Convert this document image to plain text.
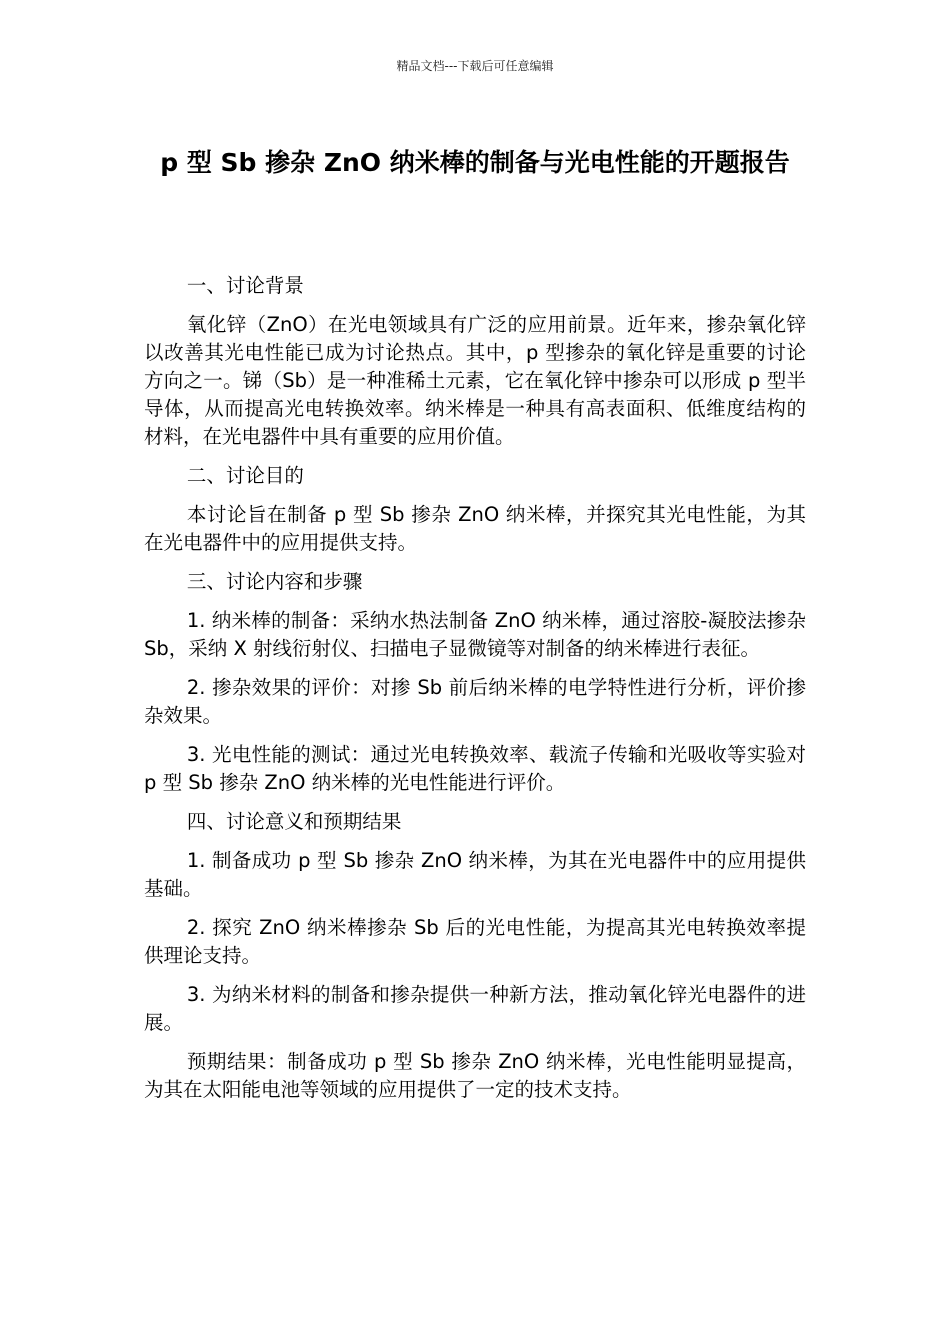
精品文档---下载后可任意编辑
p 型 Sb 掺杂 ZnO 纳米棒的制备与光电性能的开题报告

一、讨论背景

氧化锌（ZnO）在光电领域具有广泛的应用前景。近年来，掺杂氧化锌以改善其光电性能已成为讨论热点。其中，p 型掺杂的氧化锌是重要的讨论方向之一。锑（Sb）是一种准稀土元素，它在氧化锌中掺杂可以形成 p 型半导体，从而提高光电转换效率。纳米棒是一种具有高表面积、低维度结构的材料，在光电器件中具有重要的应用价值。

二、讨论目的

本讨论旨在制备 p 型 Sb 掺杂 ZnO 纳米棒，并探究其光电性能，为其在光电器件中的应用提供支持。

三、讨论内容和步骤

1. 纳米棒的制备：采纳水热法制备 ZnO 纳米棒，通过溶胶-凝胶法掺杂 Sb，采纳 X 射线衍射仪、扫描电子显微镜等对制备的纳米棒进行表征。

2. 掺杂效果的评价：对掺 Sb 前后纳米棒的电学特性进行分析，评价掺杂效果。

3. 光电性能的测试：通过光电转换效率、载流子传输和光吸收等实验对 p 型 Sb 掺杂 ZnO 纳米棒的光电性能进行评价。

四、讨论意义和预期结果

1. 制备成功 p 型 Sb 掺杂 ZnO 纳米棒，为其在光电器件中的应用提供基础。

2. 探究 ZnO 纳米棒掺杂 Sb 后的光电性能，为提高其光电转换效率提供理论支持。

3. 为纳米材料的制备和掺杂提供一种新方法，推动氧化锌光电器件的进展。

预期结果：制备成功 p 型 Sb 掺杂 ZnO 纳米棒，光电性能明显提高，为其在太阳能电池等领域的应用提供了一定的技术支持。
